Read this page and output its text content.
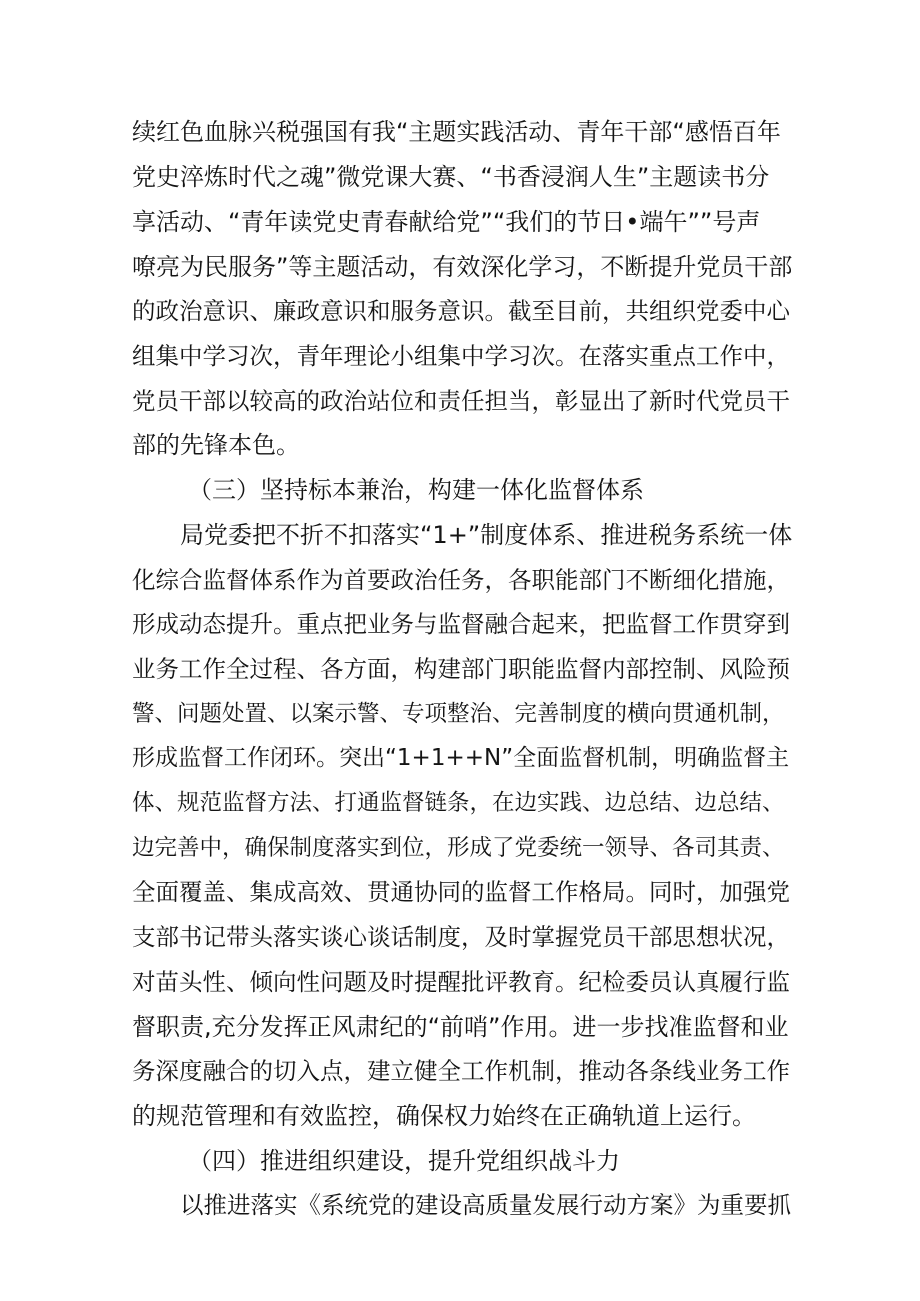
续红色血脉兴税强国有我“主题实践活动、青年干部“感悟百年

党史淬炼时代之魂”微党课大赛、“书香浸润人生”主题读书分

享活动、“青年读党史青春献给党”“我们的节日•端午””号声

嘹亮为民服务”等主题活动，有效深化学习，不断提升党员干部

的政治意识、廉政意识和服务意识。截至目前，共组织党委中心

组集中学习次，青年理论小组集中学习次。在落实重点工作中，

党员干部以较高的政治站位和责任担当，彰显出了新时代党员干

部的先锋本色。

（三）坚持标本兼治，构建一体化监督体系

局党委把不折不扣落实“1+”制度体系、推进税务系统一体

化综合监督体系作为首要政治任务，各职能部门不断细化措施，

形成动态提升。重点把业务与监督融合起来，把监督工作贯穿到

业务工作全过程、各方面，构建部门职能监督内部控制、风险预

警、问题处置、以案示警、专项整治、完善制度的横向贯通机制，

形成监督工作闭环。突出“1+1++N”全面监督机制，明确监督主

体、规范监督方法、打通监督链条，在边实践、边总结、边总结、

边完善中，确保制度落实到位，形成了党委统一领导、各司其责、

全面覆盖、集成高效、贯通协同的监督工作格局。同时，加强党

支部书记带头落实谈心谈话制度，及时掌握党员干部思想状况，

对苗头性、倾向性问题及时提醒批评教育。纪检委员认真履行监

督职责,充分发挥正风肃纪的“前哨”作用。进一步找准监督和业

务深度融合的切入点，建立健全工作机制，推动各条线业务工作

的规范管理和有效监控，确保权力始终在正确轨道上运行。

（四）推进组织建设，提升党组织战斗力

以推进落实《系统党的建设高质量发展行动方案》为重要抓
